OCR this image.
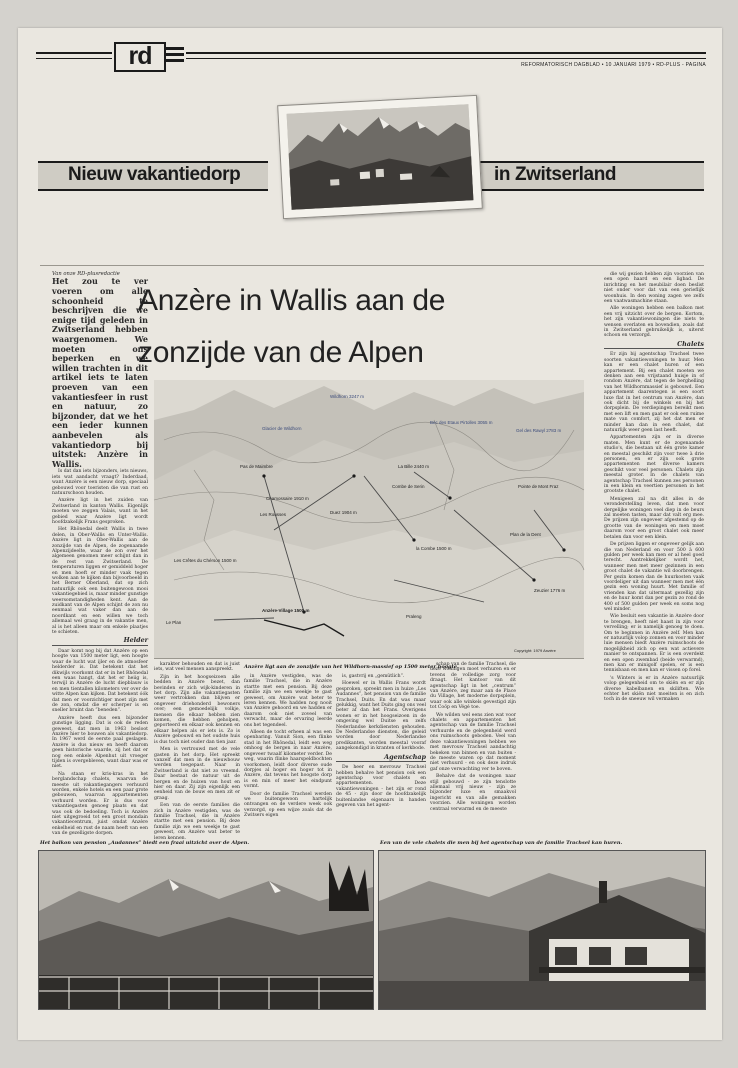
rd	REFORMATORISCH DAGBLAD • 10 JANUARI 1979 • RD-PLUS - PAGINA
Nieuw vakantiedorp	in Zwitserland
Van onze RD-plusredactie
Het zou te ver voeren om alle schoonheid te beschrijven die we enige tijd geleden in Zwitserland hebben waargenomen. We moeten ons beperken en we willen trachten in dit artikel iets te laten proeven van een vakantiesfeer in rust en natuur, zo bijzonder, dat we het een ieder kunnen aanbevelen als vakantiedorp bij uitstek: Anzère in Wallis.

Is dat dan iets bijzonders, iets nieuws, iets wat aandacht vraagt? Inderdaad, want Anzère is een nieuw dorp, speciaal gebouwd voor toeristen die van rust en natuurschoon houden.

Anzère ligt in het zuiden van Zwitserland in kanton Wallis. Eigenlijk moeten we zeggen Valais, want in het gebied waar Anzère ligt wordt hoofdzakelijk Frans gesproken.

Het Rhônedal deelt Wallis in twee delen, in Ober-Wallis en Unter-Wallis. Anzère ligt in Ober-Wallis aan de zonzijde van de Alpen, de zogenaamde Alpenzijdeelte, waar de zon over het algemeen genomen meer schijnt dan in de rest van Zwitserland. De temperaturen liggen er gemiddeld hoger en men hoeft er minder vaak tegen wolken aan te kijken dan bijvoorbeeld in het Berner Oberland, dat op zich natuurlijk ook een buitengewoon mooi vakantiegebied is, maar minder gunstige weersomstandigheden kent. Aan de zuidkant van de Alpen schijnt de zon nu eenmaal wat vaker dan aan de noordkant en een willen we toch allemaal wel graag in de vakantie men, al is het alleen maar om enkele plaatjes te schieten.

Helder

Daar komt nog bij dat Anzère op een hoogte van 1500 meter ligt, een hoogte waar de lucht wat ijler en de atmosfeer helderder is. Dat betekent dat het dikwijls voorkomt dat er in het Rhônedal een waas hangt, dat het er heiig is, terwijl in Anzère de lucht diepblauw is en men tientallen kilometers ver over de witte Alpen kan kijken. Dat betekent óók dat men er voorzichtiger moet zijn met de zon, omdat die er scherper is en sneller bruint dan “beneden”.

Anzère heeft dus een bijzonder gunstige ligging. Dat is ook de reden geweest, dat men in 1963 besloot Anzère hier te bouwen als vakantiedorp. In 1967 werd de eerste paal geslagen. Anzère is dus nieuw en heeft daarom geen historische waarde, zij het dat er nog een enkele Alpenhut uit vroeger tijden is overgebleven, want daar was er niet.

Na staan er kris-kras in het berglandschap chalets, waarvan de meeste uit vakantiegangers verhuurd worden, enkele hotels en een paar grote gebouwen, waarvan appartementen verhuurd worden. Er is dus voor vakantiegasten genoeg plaats en dat was ook de bedoeling. Toch is Anzère niet uitgegroeid tot een groot mondain vakantiecentrum, juist omdat Anzère enkelheid en rust de naam heeft van een van de gezelligste dorpen.

Anzère in Wallis aan de
zonzijde van de Alpen
Wildhorn 3247 m
Glacier de Wildhorn
Bec des Etaux Pirtolles 3055 m
Gel des Rawyl 2783 m
Pas de Maimbre	La Bille 2440 m
Combe de Serin
Chamossaire 1910 m
Les Rousses	Duez 1904 m
la Combe 1500 m
Pointe de Mont Fraz
Plan de la Dent
Les Crêtes du Chérson 1500 m
Anzère-Village 1500 m
Zeuzier 1776 m
Le Plan
Praleng
Copyright: 1979 Anzère

die wij gezien hebben zijn voorzien van een open haard en een ligbad. De inrichting en het meubilair doen beslist niet onder voor dat van een gerieflijk woonhuis. In den woning zagen we zelfs een vaatwasmachine staan.

Alle woningen hebben een balkon met een vrij uitzicht over de bergen. Kortom, het zijn vakantiewoningen die niets te wensen overlaten en bovendien, zoals dat in Zwitserland gebruikelijk is, uiterst schoon en verzorgd.

Chalets

Er zijn bij agentschap Trachsel twee soorten vakantiewoningen te huur. Men kan er een chalet huren of een appartement. Bij een chalet moeten we denken aan een vrijstaand huisje in of rondom Anzère, dat tegen de berghelling van het Wildhornmassief is gebouwd. Een appartement daarentegen is een soort luxe flat in het centrum van Anzère, dan ook dicht bij de winkels en bij het dorpsplein. De verdiepingen bereikt men met een lift en men gaat er ook een ruime mate van comfort, zij het dat men er minder kan dan in een chalet, dat natuurlijk weer geen last heeft.

Appartementen zijn er in diverse maten. Men kunt er de zogenaamde studio's, die bestaan uit één grote kamer en meestal geschikt zijn voor twee à drie personen, en er zijn ook grote appartementen met diverse kamers geschikt voor veel personen. Chalets zijn meestal groter. In de chalets van agentschap Trachsel kunnen zes personen in een klein en veertien personen in het grootste chalet.

Menigeen zal na dit alles in de veronderstelling leven, dat men voor dergelijke woningen veel diep in de beurs zal moeten tasten, maar dat valt erg mee. De prijzen zijn ongeveer afgestemd op de grootte van de woningen en men moet daarom voor een groot chalet ook meer betalen dan voor een klein.

De prijzen liggen er ongeveer gelijk aan die van Nederland en voor 500 à 600 gulden per week kan men er al heel goed terecht. Aantrekkelijker wordt het, wanneer men met meer gezinnen in een groot chalet de vakantie wil doorbrengen. Per gezin komen dan de huurkosten vaak voordeliger uit dan wanneer men met één gezin een woning huurt. Met familie of vrienden kan dat uitermaat gezellig zijn en de huur komt dan per gezin zo rond de 400 of 500 gulden per week en soms nog wel minder.

Wie besluit een vakantie in Anzère door te brengen, heeft niet haast in zijn voor vervelling; er is namelijk genoeg te doen. Om te beginnen in Anzère zelf. Men kan er natuurlijk volop zonnen en voor minder luie mensen biedt Anzère ruimschoots de mogelijkheid zich op een wat actievere manier te ontspannen. Er is een overdekt en een open zwembad (beide verwarmd), men kan er minigolf spelen, er is een tennisbaan en men kan er vissen op forel.

's Winters is er in Anzère natuurlijk volop gelegenheid om te skiën en er zijn diverse kabelbanen en skiliften. Wie echter het skiën niet moeiten is en zich toch in de sneeuw wil vermaken

Anzère ligt aan de zonzijde van het Wildhorn-massief op 1500 meter hoogte.

karakter behouden en dat is juist iets, wat veel mensen aanspreekt.

Zijn in het hoogseizoen alle bedden in Anzère bezet, dan bevinden er zich wijk-kinderen in het dorp. Zijn alle vakantiegasten weer vertrokken dan blijven er ongeveer driehonderd bewoners over; een gemoedelijk volkje, mensen die elkaar hebben zien komen, die hebben geholpen, geporteerd en elkaar ook kennen en elkaar helpen als er iets is. Zo is Anzère gebouwd en het oudste huis is dus toch niet ouder dan tien jaar.

Men is vertrouwd met de vele gasten in het dorp. Het spreekt vanzelf dat men in de nieuwbouw werden toegepast. Naar in Zwitserland is dat niet zo vreemd. Daar bestaat de natuur uit de bergen en de huizen van hout en hier en daar. Zij zijn eigenlijk een eenheid van de bouw en men zit er graag.

Een van de eerste families die zich in Anzère vestigden, was de familie Trachsel, die in Anzère startte met een pension. Bij deze familie zijn we een weekje te gast geweest, om Anzère wat beter te leren kennen.

in Anzère vestigden, was de familie Trachsel, die in Anzère startte met een pension. Bij deze familie zijn we een weekje te gast geweest, om Anzère wat beter te leren kennen. We hadden nog nooit van Anzère gehoord en we hadden er daarom ook niet zoveel van verwacht, maar de ervaring leerde ons het tegendeel.

Alleen de tocht erheen al was een openbaring. Vanuit Sion, een flinke stad in het Rhônedal, leidt een weg omhoog de bergen in naar Anzère, ongeveer twaalf kilometer verder. De weg, waarin flinke haarspeldbochten voorkomen, leidt door diverse oude dorpjes al hoger en hoger tot in Anzère, dat tevens het hoogste dorp is en min of meer het eindpunt vormt.

Door de familie Trachsel werden we buitengewoon hartelijk ontvangen en de verdere week ook verzorgd, op een wijze zoals dat de Zwitsers eigen

is, gastvrij en „gemütlich”.

Hoewel er in Wallis Frans wordt gesproken, spreekt men in huize „Les Audannes”, het pension van de familie Trachsel, Duits. En dat was maar gelukkig, want het Duits ging ons veel beter af dan het Frans. Overigens wonen er in het hoogseizoen in de omgeving wel Duitse en zelfs Nederlandse kerkdiensten gehouden. De Nederlandse diensten, die geleid worden door Nederlandse predikanten, worden meestal vooraf aangekondigd in kranten of kerkbode.

Agentschap

De heer en mevrouw Trachsel hebben behalve het pension ook een agentschap voor chalets en appartementen. Deze vakantiewoningen - het zijn er rond de 45 - zijn door de hoofdzakelijk buitenlandse eigenaars in handen gegeven van het agent-

schap van de familie Trachsel, die deze woningen moet verhuren en er tevens de volledige zorg voor draagt. Het kantoor van dit agentschap ligt in het „centrum” van Anzère, zeg maar aan de Place du Village, het moderne dorpsplein, waar ook alle winkels gevestigd zijn tot Coöp en Végé toe.

We wilden wel eens zien wat voor chalets en appartementen het agentschap van de familie Trachsel verhuurde en de gelegenheid werd ons ruimschoots geboden. Veel van deze vakantiewoningen hebben we met mevrouw Trachsel aandachtig bekeken van binnen en van buiten - de meeste waren op dat moment niet verhuurd - en ook deze indruk gaf onze verwachting ver te boven.

Behalve dat de woningen naar stijl gebouwd - ze zijn tenslotte allemaal vrij nieuw - zijn ze bijzonder luxe en smaakvol ingericht en van alle gemakken voorzien. Alle woningen worden centraal verwarmd en de meeste

Het balkon van pension „Audannes” biedt een fraai uitzicht over de Alpen.	Een van de vele chalets die men bij het agentschap van de familie Trachsel kan huren.
